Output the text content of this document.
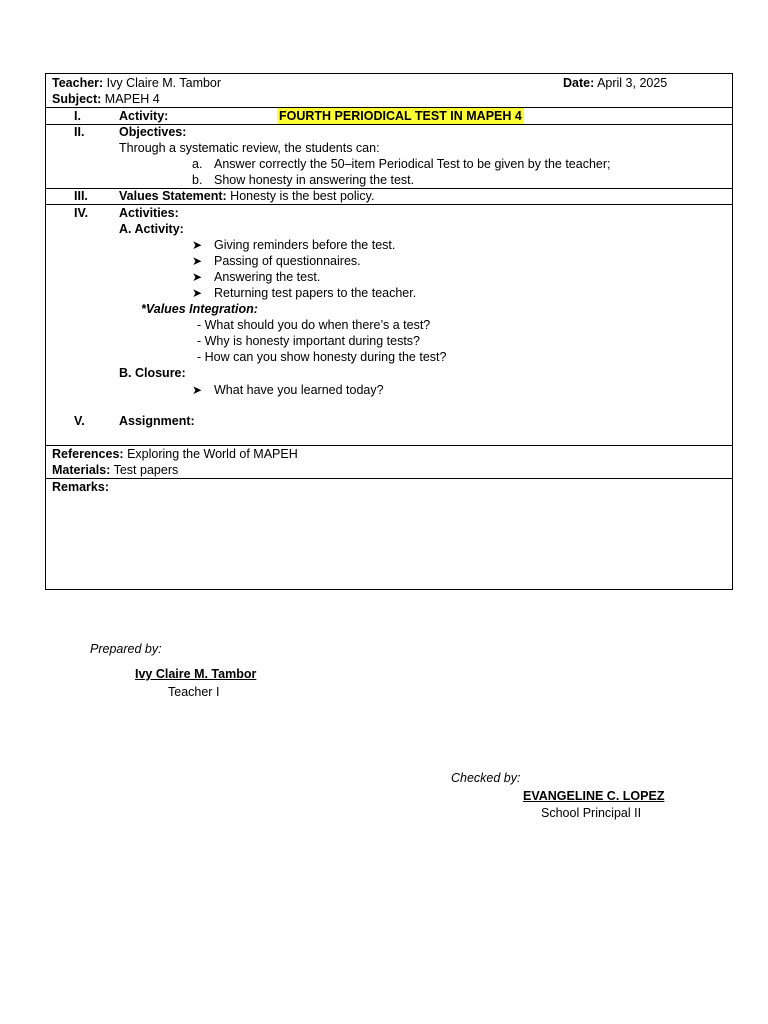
Teacher: Ivy Claire M. Tambor	Date: April 3, 2025
Subject: MAPEH 4
I.	Activity:	FOURTH PERIODICAL TEST IN MAPEH 4
II.	Objectives:
Through a systematic review, the students can:
a. Answer correctly the 50–item Periodical Test to be given by the teacher;
b. Show honesty in answering the test.
III. Values Statement: Honesty is the best policy.
IV. Activities:
A. Activity:
➤ Giving reminders before the test.
➤ Passing of questionnaires.
➤ Answering the test.
➤ Returning test papers to the teacher.
*Values Integration:
- What should you do when there’s a test?
- Why is honesty important during tests?
- How can you show honesty during the test?
B. Closure:
➤ What have you learned today?
V.	Assignment:
References: Exploring the World of MAPEH
Materials: Test papers
Remarks:
Prepared by:
Ivy Claire M. Tambor
Teacher I
Checked by:
EVANGELINE C. LOPEZ
School Principal II
